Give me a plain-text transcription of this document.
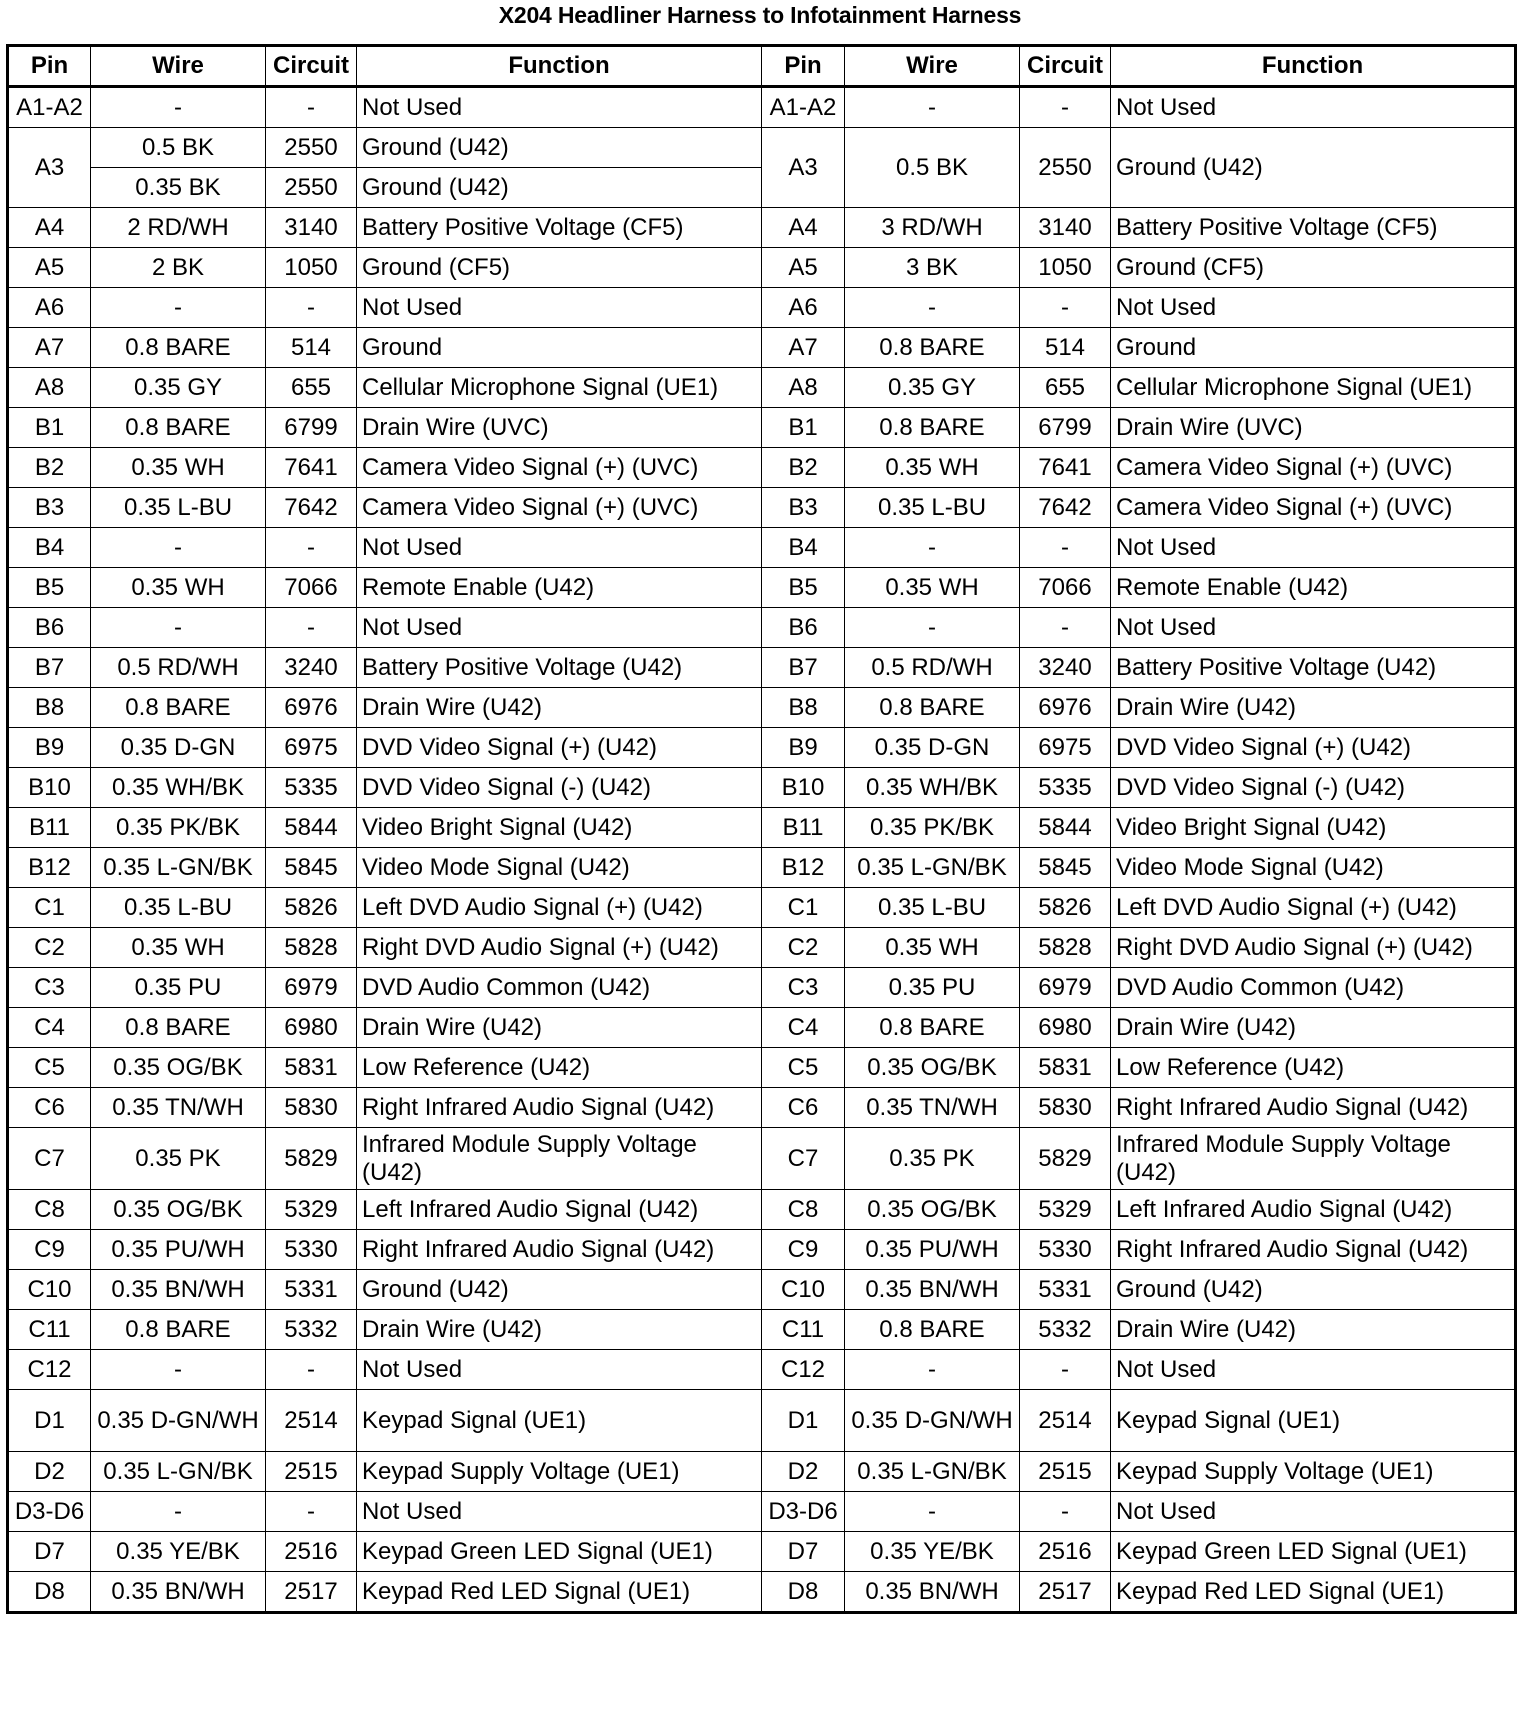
X204 Headliner Harness to Infotainment Harness
Pin	Wire	Circuit	Function	Pin	Wire	Circuit	Function
A1-A2	-	-	Not Used	A1-A2	-	-	Not Used
A3	0.5 BK	2550	Ground (U42)	A3	0.5 BK	2550	Ground (U42)
	0.35 BK	2550	Ground (U42)				
A4	2 RD/WH	3140	Battery Positive Voltage (CF5)	A4	3 RD/WH	3140	Battery Positive Voltage (CF5)
A5	2 BK	1050	Ground (CF5)	A5	3 BK	1050	Ground (CF5)
A6	-	-	Not Used	A6	-	-	Not Used
A7	0.8 BARE	514	Ground	A7	0.8 BARE	514	Ground
A8	0.35 GY	655	Cellular Microphone Signal (UE1)	A8	0.35 GY	655	Cellular Microphone Signal (UE1)
B1	0.8 BARE	6799	Drain Wire (UVC)	B1	0.8 BARE	6799	Drain Wire (UVC)
B2	0.35 WH	7641	Camera Video Signal (+) (UVC)	B2	0.35 WH	7641	Camera Video Signal (+) (UVC)
B3	0.35 L-BU	7642	Camera Video Signal (+) (UVC)	B3	0.35 L-BU	7642	Camera Video Signal (+) (UVC)
B4	-	-	Not Used	B4	-	-	Not Used
B5	0.35 WH	7066	Remote Enable (U42)	B5	0.35 WH	7066	Remote Enable (U42)
B6	-	-	Not Used	B6	-	-	Not Used
B7	0.5 RD/WH	3240	Battery Positive Voltage (U42)	B7	0.5 RD/WH	3240	Battery Positive Voltage (U42)
B8	0.8 BARE	6976	Drain Wire (U42)	B8	0.8 BARE	6976	Drain Wire (U42)
B9	0.35 D-GN	6975	DVD Video Signal (+) (U42)	B9	0.35 D-GN	6975	DVD Video Signal (+) (U42)
B10	0.35 WH/BK	5335	DVD Video Signal (-) (U42)	B10	0.35 WH/BK	5335	DVD Video Signal (-) (U42)
B11	0.35 PK/BK	5844	Video Bright Signal (U42)	B11	0.35 PK/BK	5844	Video Bright Signal (U42)
B12	0.35 L-GN/BK	5845	Video Mode Signal (U42)	B12	0.35 L-GN/BK	5845	Video Mode Signal (U42)
C1	0.35 L-BU	5826	Left DVD Audio Signal (+) (U42)	C1	0.35 L-BU	5826	Left DVD Audio Signal (+) (U42)
C2	0.35 WH	5828	Right DVD Audio Signal (+) (U42)	C2	0.35 WH	5828	Right DVD Audio Signal (+) (U42)
C3	0.35 PU	6979	DVD Audio Common (U42)	C3	0.35 PU	6979	DVD Audio Common (U42)
C4	0.8 BARE	6980	Drain Wire (U42)	C4	0.8 BARE	6980	Drain Wire (U42)
C5	0.35 OG/BK	5831	Low Reference (U42)	C5	0.35 OG/BK	5831	Low Reference (U42)
C6	0.35 TN/WH	5830	Right Infrared Audio Signal (U42)	C6	0.35 TN/WH	5830	Right Infrared Audio Signal (U42)
C7	0.35 PK	5829	Infrared Module Supply Voltage (U42)	C7	0.35 PK	5829	Infrared Module Supply Voltage (U42)
C8	0.35 OG/BK	5329	Left Infrared Audio Signal (U42)	C8	0.35 OG/BK	5329	Left Infrared Audio Signal (U42)
C9	0.35 PU/WH	5330	Right Infrared Audio Signal (U42)	C9	0.35 PU/WH	5330	Right Infrared Audio Signal (U42)
C10	0.35 BN/WH	5331	Ground (U42)	C10	0.35 BN/WH	5331	Ground (U42)
C11	0.8 BARE	5332	Drain Wire (U42)	C11	0.8 BARE	5332	Drain Wire (U42)
C12	-	-	Not Used	C12	-	-	Not Used
D1	0.35 D-GN/WH	2514	Keypad Signal (UE1)	D1	0.35 D-GN/WH	2514	Keypad Signal (UE1)
D2	0.35 L-GN/BK	2515	Keypad Supply Voltage (UE1)	D2	0.35 L-GN/BK	2515	Keypad Supply Voltage (UE1)
D3-D6	-	-	Not Used	D3-D6	-	-	Not Used
D7	0.35 YE/BK	2516	Keypad Green LED Signal (UE1)	D7	0.35 YE/BK	2516	Keypad Green LED Signal (UE1)
D8	0.35 BN/WH	2517	Keypad Red LED Signal (UE1)	D8	0.35 BN/WH	2517	Keypad Red LED Signal (UE1)
